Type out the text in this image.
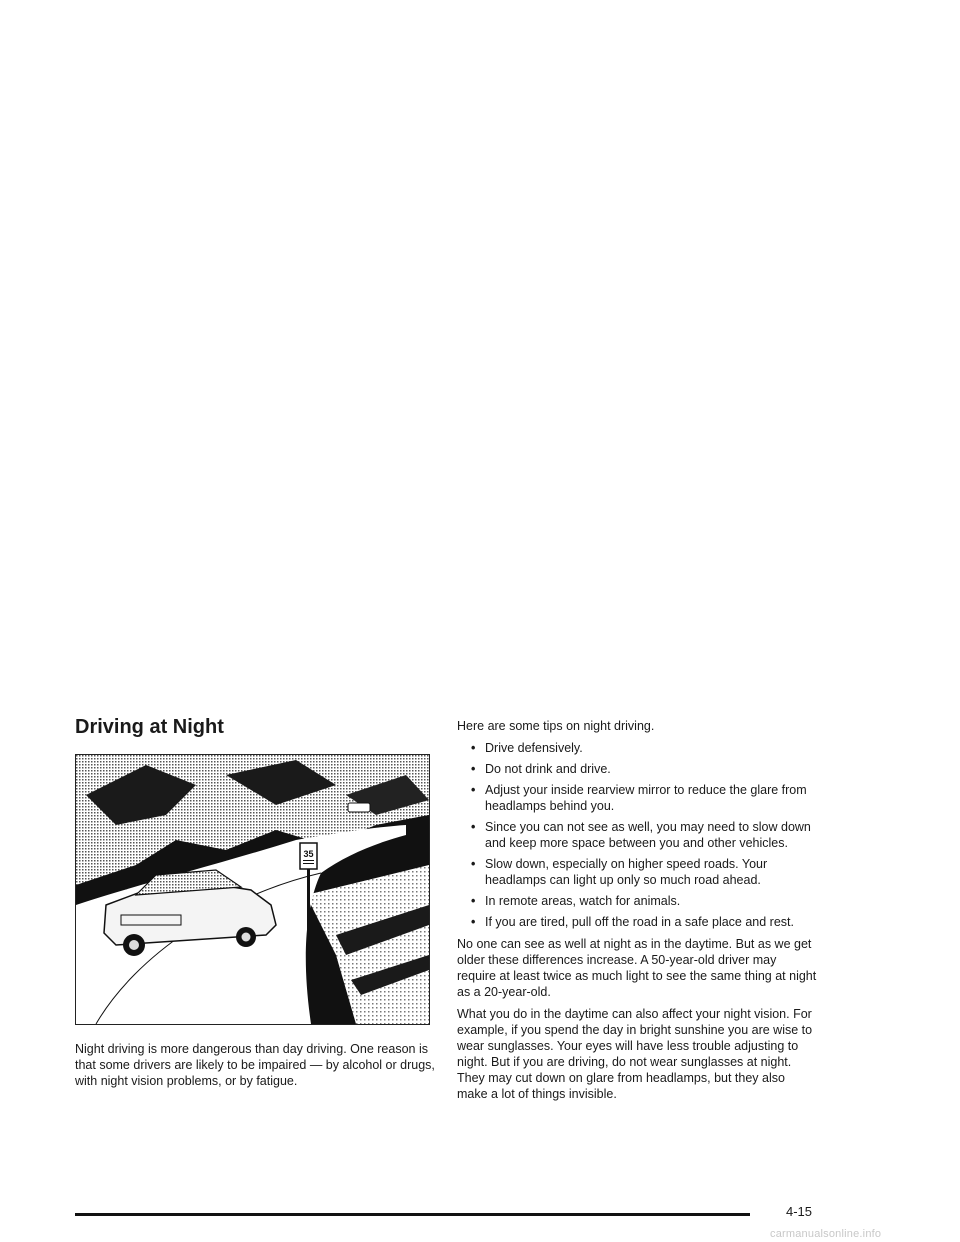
Driving at Night
35

Night driving is more dangerous than day driving. One reason is that some drivers are likely to be impaired — by alcohol or drugs, with night vision problems, or by fatigue.

Here are some tips on night driving.

• Drive defensively.
• Do not drink and drive.
• Adjust your inside rearview mirror to reduce the glare from headlamps behind you.
• Since you can not see as well, you may need to slow down and keep more space between you and other vehicles.
• Slow down, especially on higher speed roads. Your headlamps can light up only so much road ahead.
• In remote areas, watch for animals.
• If you are tired, pull off the road in a safe place and rest.

No one can see as well at night as in the daytime. But as we get older these differences increase. A 50-year-old driver may require at least twice as much light to see the same thing at night as a 20-year-old.

What you do in the daytime can also affect your night vision. For example, if you spend the day in bright sunshine you are wise to wear sunglasses. Your eyes will have less trouble adjusting to night. But if you are driving, do not wear sunglasses at night. They may cut down on glare from headlamps, but they also make a lot of things invisible.

4-15
carmanualsonline.info
